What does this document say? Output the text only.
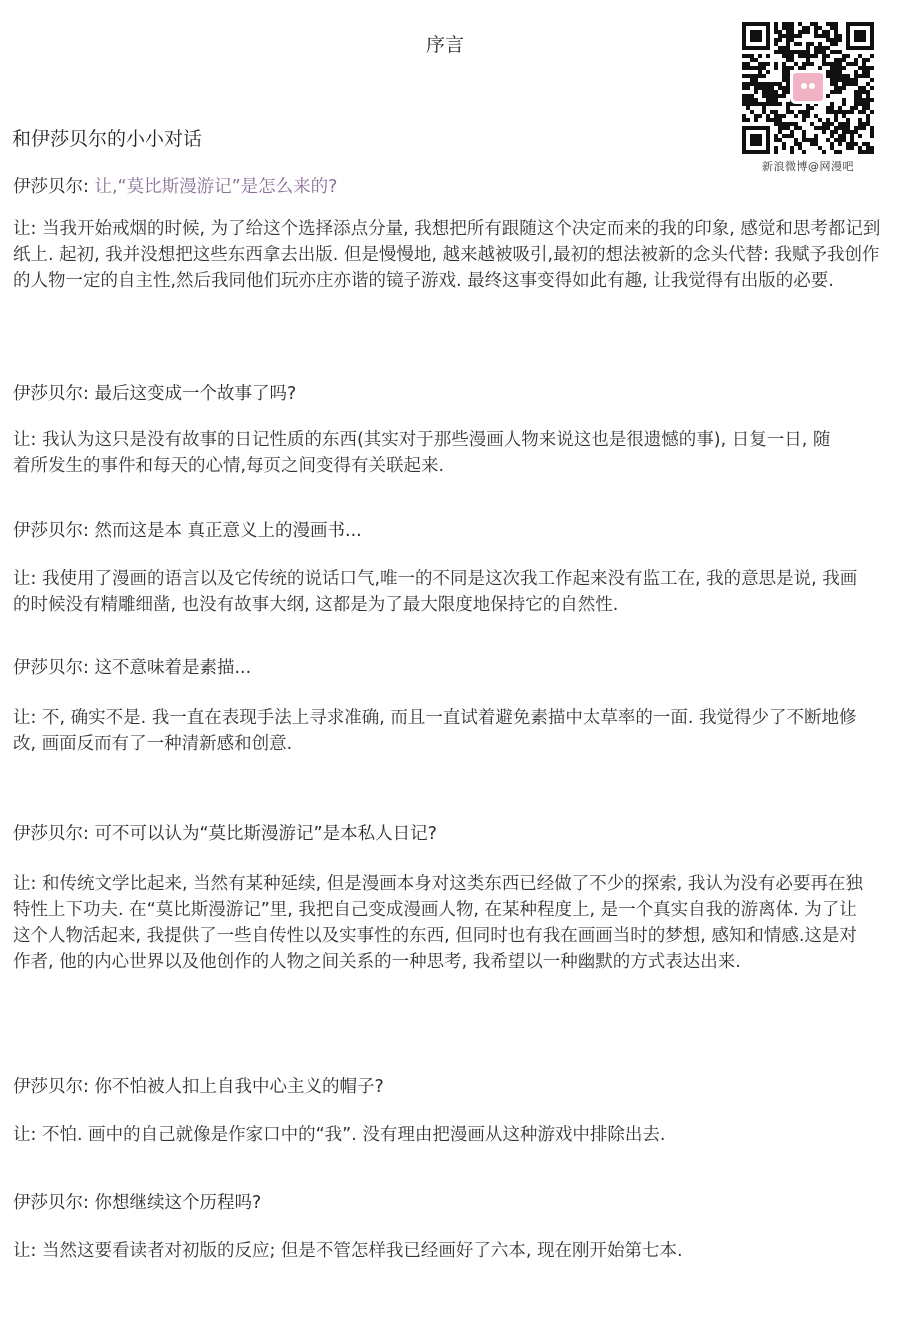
序言
新浪微博@网漫吧
和伊莎贝尔的小小对话
伊莎贝尔: 让,“莫比斯漫游记”是怎么来的?
让: 当我开始戒烟的时候, 为了给这个选择添点分量, 我想把所有跟随这个决定而来的我的印象, 感觉和思考都记到纸上. 起初, 我并没想把这些东西拿去出版. 但是慢慢地, 越来越被吸引,最初的想法被新的念头代替: 我赋予我创作的人物一定的自主性,然后我同他们玩亦庄亦谐的镜子游戏. 最终这事变得如此有趣, 让我觉得有出版的必要.
伊莎贝尔: 最后这变成一个故事了吗?
让: 我认为这只是没有故事的日记性质的东西(其实对于那些漫画人物来说这也是很遗憾的事), 日复一日, 随着所发生的事件和每天的心情,每页之间变得有关联起来.
伊莎贝尔: 然而这是本 真正意义上的漫画书...
让: 我使用了漫画的语言以及它传统的说话口气,唯一的不同是这次我工作起来没有监工在, 我的意思是说, 我画的时候没有精雕细凿, 也没有故事大纲, 这都是为了最大限度地保持它的自然性.
伊莎贝尔: 这不意味着是素描...
让: 不, 确实不是. 我一直在表现手法上寻求准确, 而且一直试着避免素描中太草率的一面. 我觉得少了不断地修改, 画面反而有了一种清新感和创意.
伊莎贝尔: 可不可以认为“莫比斯漫游记”是本私人日记?
让: 和传统文学比起来, 当然有某种延续, 但是漫画本身对这类东西已经做了不少的探索, 我认为没有必要再在独特性上下功夫. 在“莫比斯漫游记”里, 我把自己变成漫画人物, 在某种程度上, 是一个真实自我的游离体. 为了让这个人物活起来, 我提供了一些自传性以及实事性的东西, 但同时也有我在画画当时的梦想, 感知和情感.这是对作者, 他的内心世界以及他创作的人物之间关系的一种思考, 我希望以一种幽默的方式表达出来.
伊莎贝尔: 你不怕被人扣上自我中心主义的帽子?
让: 不怕. 画中的自己就像是作家口中的“我”. 没有理由把漫画从这种游戏中排除出去.
伊莎贝尔: 你想继续这个历程吗?
让: 当然这要看读者对初版的反应; 但是不管怎样我已经画好了六本, 现在刚开始第七本.
